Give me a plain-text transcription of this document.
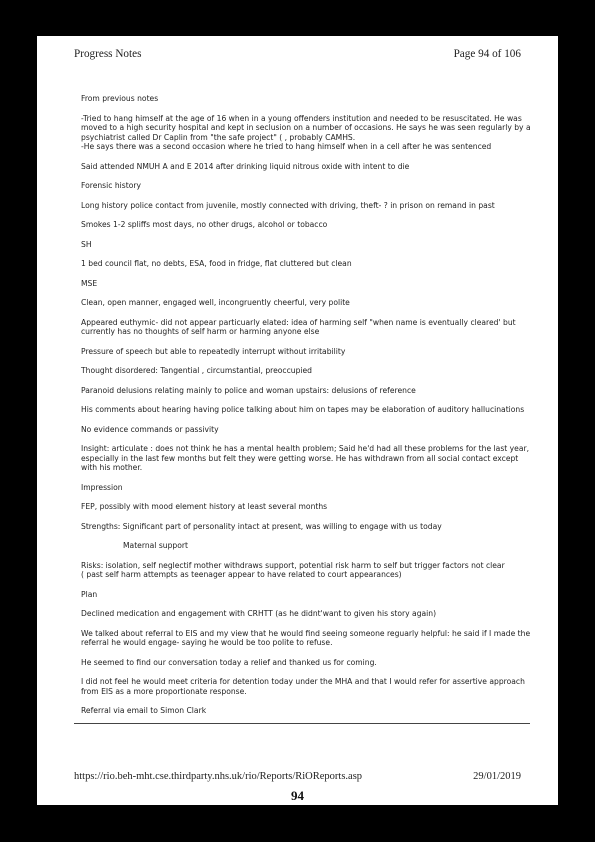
Progress Notes	Page 94 of 106

From previous notes

-Tried to hang himself at the age of 16 when in a young offenders institution and needed to be resuscitated. He was moved to a high security hospital and kept in seclusion on a number of occasions. He says he was seen regularly by a psychiatrist called Dr Caplin from "the safe project" ( , probably CAMHS.
-He says there was a second occasion where he tried to hang himself when in a cell after he was sentenced

Said attended NMUH A and E 2014 after drinking liquid nitrous oxide with intent to die

Forensic history

Long history police contact from juvenile, mostly connected with driving, theft- ? in prison on remand in past

Smokes 1-2 spliffs most days, no other drugs, alcohol or tobacco

SH

1 bed council flat, no debts, ESA, food in fridge, flat cluttered but clean

MSE

Clean, open manner, engaged well, incongruently cheerful, very polite

Appeared euthymic- did not appear particuarly elated: idea of harming self "when name is eventually cleared' but currently has no thoughts of self harm or harming anyone else

Pressure of speech but able to repeatedly interrupt without irritability

Thought disordered: Tangential , circumstantial, preoccupied

Paranoid delusions relating mainly to police and woman upstairs: delusions of reference

His comments about hearing having police talking about him on tapes may be elaboration of auditory hallucinations

No evidence commands or passivity

Insight: articulate : does not think he has a mental health problem; Said he'd had all these problems for the last year, especially in the last few months but felt they were getting worse. He has withdrawn from all social contact except with his mother.

Impression

FEP, possibly with mood element history at least several months

Strengths: Significant part of personality intact at present, was willing to engage with us today

Maternal support

Risks: isolation, self neglectif mother withdraws support, potential risk harm to self but trigger factors not clear
( past self harm attempts as teenager appear to have related to court appearances)

Plan

Declined medication and engagement with CRHTT (as he didnt'want to given his story again)

We talked about referral to EIS and my view that he would find seeing someone reguarly helpful: he said if I made the referral he would engage- saying he would be too polite to refuse.

He seemed to find our conversation today a relief and thanked us for coming.

I did not feel he would meet criteria for detention today under the MHA and that I would refer for assertive approach from EIS as a more proportionate response.

Referral via email to Simon Clark

https://rio.beh-mht.cse.thirdparty.nhs.uk/rio/Reports/RiOReports.asp	29/01/2019
94
